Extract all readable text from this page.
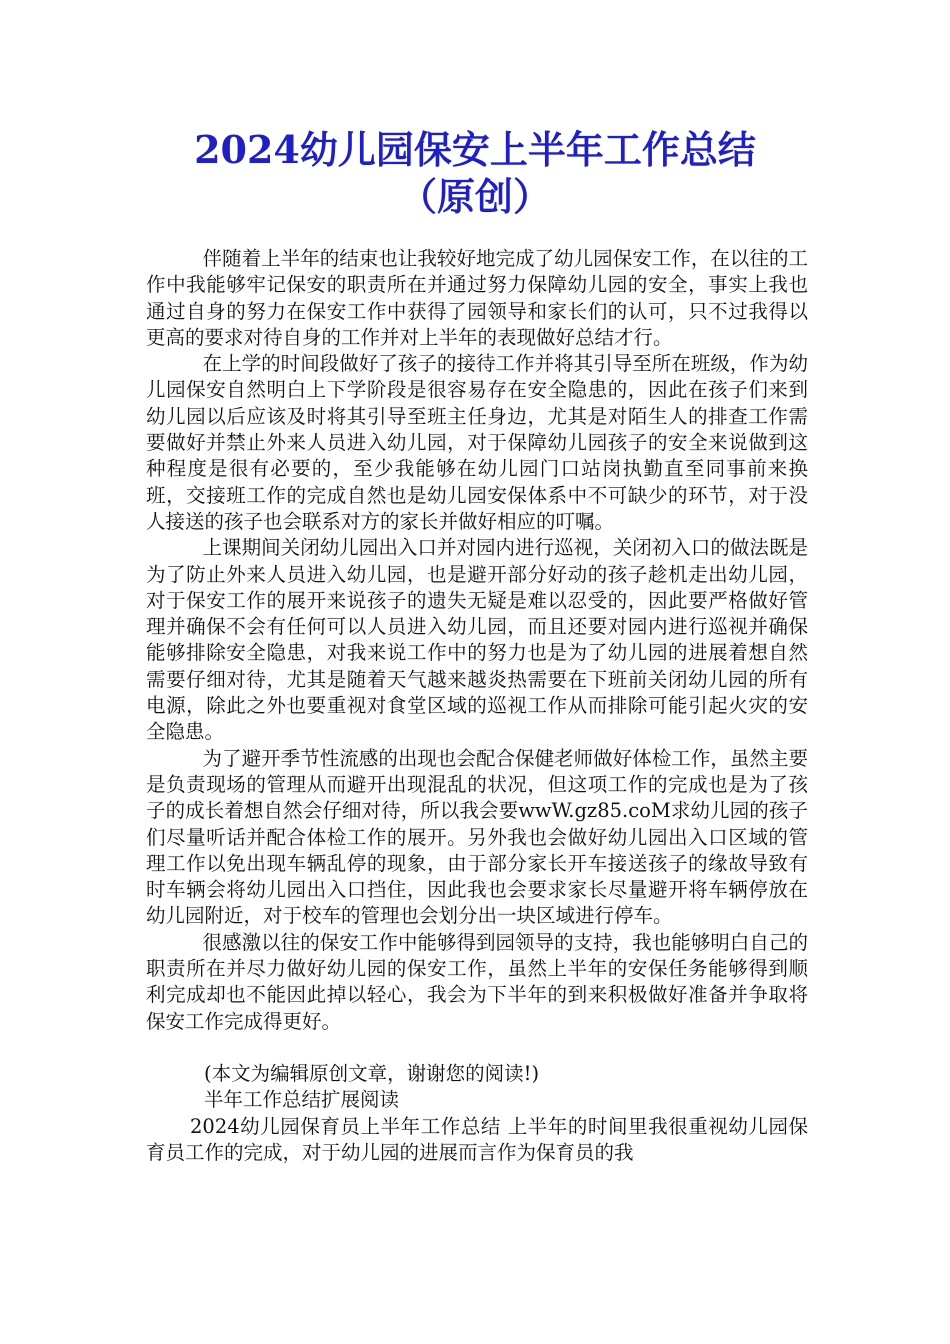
2024幼儿园保安上半年工作总结
（原创）

伴随着上半年的结束也让我较好地完成了幼儿园保安工作，在以往的工作中我能够牢记保安的职责所在并通过努力保障幼儿园的安全，事实上我也通过自身的努力在保安工作中获得了园领导和家长们的认可，只不过我得以更高的要求对待自身的工作并对上半年的表现做好总结才行。

在上学的时间段做好了孩子的接待工作并将其引导至所在班级，作为幼儿园保安自然明白上下学阶段是很容易存在安全隐患的，因此在孩子们来到幼儿园以后应该及时将其引导至班主任身边，尤其是对陌生人的排查工作需要做好并禁止外来人员进入幼儿园，对于保障幼儿园孩子的安全来说做到这种程度是很有必要的，至少我能够在幼儿园门口站岗执勤直至同事前来换班，交接班工作的完成自然也是幼儿园安保体系中不可缺少的环节，对于没人接送的孩子也会联系对方的家长并做好相应的叮嘱。

上课期间关闭幼儿园出入口并对园内进行巡视，关闭初入口的做法既是为了防止外来人员进入幼儿园，也是避开部分好动的孩子趁机走出幼儿园，对于保安工作的展开来说孩子的遗失无疑是难以忍受的，因此要严格做好管理并确保不会有任何可以人员进入幼儿园，而且还要对园内进行巡视并确保能够排除安全隐患，对我来说工作中的努力也是为了幼儿园的进展着想自然需要仔细对待，尤其是随着天气越来越炎热需要在下班前关闭幼儿园的所有电源，除此之外也要重视对食堂区域的巡视工作从而排除可能引起火灾的安全隐患。

为了避开季节性流感的出现也会配合保健老师做好体检工作，虽然主要是负责现场的管理从而避开出现混乱的状况，但这项工作的完成也是为了孩子的成长着想自然会仔细对待，所以我会要wwW.gz85.coM求幼儿园的孩子们尽量听话并配合体检工作的展开。另外我也会做好幼儿园出入口区域的管理工作以免出现车辆乱停的现象，由于部分家长开车接送孩子的缘故导致有时车辆会将幼儿园出入口挡住，因此我也会要求家长尽量避开将车辆停放在幼儿园附近，对于校车的管理也会划分出一块区域进行停车。

很感激以往的保安工作中能够得到园领导的支持，我也能够明白自己的职责所在并尽力做好幼儿园的保安工作，虽然上半年的安保任务能够得到顺利完成却也不能因此掉以轻心，我会为下半年的到来积极做好准备并争取将保安工作完成得更好。

(本文为编辑原创文章，谢谢您的阅读!)

半年工作总结扩展阅读

2024幼儿园保育员上半年工作总结 上半年的时间里我很重视幼儿园保育员工作的完成，对于幼儿园的进展而言作为保育员的我
